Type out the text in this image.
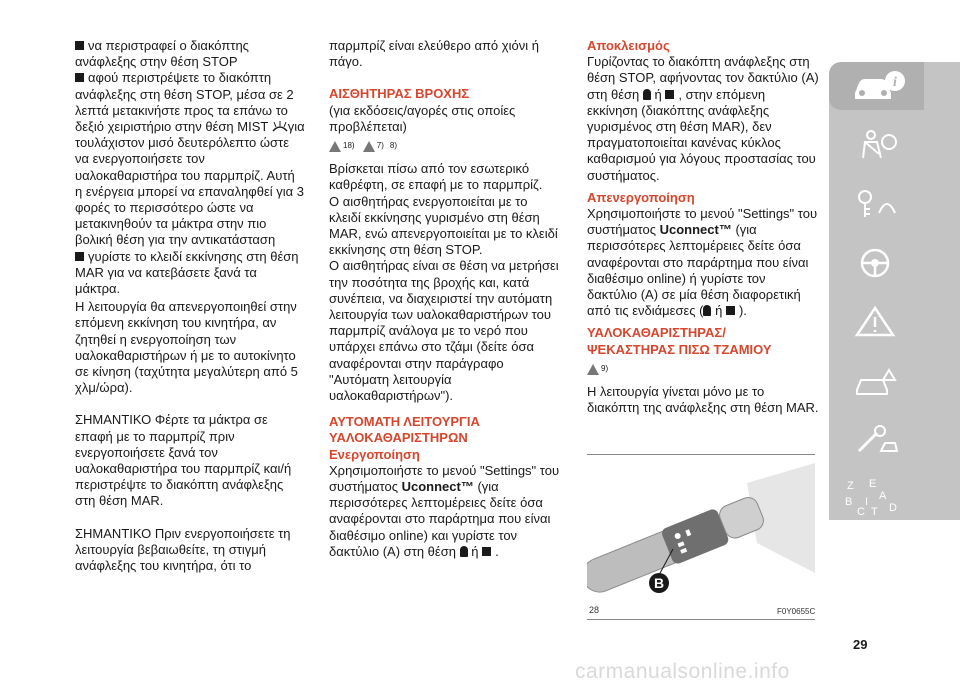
να περιστραφεί ο διακόπτης ανάφλεξης στην θέση STOP

αφού περιστρέψετε το διακόπτη ανάφλεξης στη θέση STOP, μέσα σε 2 λεπτά μετακινήστε προς τα επάνω το δεξιό χειριστήριο στην θέση MIST για τουλάχιστον μισό δευτερόλεπτο ώστε να ενεργοποιήσετε τον υαλοκαθαριστήρα του παρμπρίζ. Αυτή η ενέργεια μπορεί να επαναληφθεί για 3 φορές το περισσότερο ώστε να μετακινηθούν τα μάκτρα στην πιο βολική θέση για την αντικατάσταση

γυρίστε το κλειδί εκκίνησης στη θέση MAR για να κατεβάσετε ξανά τα μάκτρα.

Η λειτουργία θα απενεργοποιηθεί στην επόμενη εκκίνηση του κινητήρα, αν ζητηθεί η ενεργοποίηση των υαλοκαθαριστήρων ή με το αυτοκίνητο σε κίνηση (ταχύτητα μεγαλύτερη από 5 χλμ/ώρα).

ΣΗΜΑΝΤΙΚΟ Φέρτε τα μάκτρα σε επαφή με το παρμπρίζ πριν ενεργοποιήσετε ξανά τον υαλοκαθαριστήρα του παρμπρίζ και/ή περιστρέψτε το διακόπτη ανάφλεξης στη θέση MAR.

ΣΗΜΑΝΤΙΚΟ Πριν ενεργοποιήσετε τη λειτουργία βεβαιωθείτε, τη στιγμή ανάφλεξης του κινητήρα, ότι το

παρμπρίζ είναι ελεύθερο από χιόνι ή πάγο.

ΑΙΣΘΗΤΗΡΑΣ ΒΡΟΧΗΣ

(για εκδόσεις/αγορές στις οποίες προβλέπεται)

18)	7) 8)

Βρίσκεται πίσω από τον εσωτερικό καθρέφτη, σε επαφή με το παρμπρίζ.

Ο αισθητήρας ενεργοποιείται με το κλειδί εκκίνησης γυρισμένο στη θέση MAR, ενώ απενεργοποιείται με το κλειδί εκκίνησης στη θέση STOP.

Ο αισθητήρας είναι σε θέση να μετρήσει την ποσότητα της βροχής και, κατά συνέπεια, να διαχειριστεί την αυτόματη λειτουργία των υαλοκαθαριστήρων του παρμπρίζ ανάλογα με το νερό που υπάρχει επάνω στο τζάμι (δείτε όσα αναφέρονται στην παράγραφο "Αυτόματη λειτουργία υαλοκαθαριστήρων").

ΑΥΤΟΜΑΤΗ ΛΕΙΤΟΥΡΓΙΑ

ΥΑΛΟΚΑΘΑΡΙΣΤΗΡΩΝ

Ενεργοποίηση

Χρησιμοποιήστε το μενού "Settings" του συστήματος Uconnect™ (για περισσότερες λεπτομέρειες δείτε όσα αναφέρονται στο παράρτημα που είναι διαθέσιμο online) και γυρίστε τον δακτύλιο (A) στη θέση ή .

Αποκλεισμός

Γυρίζοντας το διακόπτη ανάφλεξης στη θέση STOP, αφήνοντας τον δακτύλιο (A) στη θέση ή , στην επόμενη εκκίνηση (διακόπτης ανάφλεξης γυρισμένος στη θέση MAR), δεν πραγματοποιείται κανένας κύκλος καθαρισμού για λόγους προστασίας του συστήματος.

Απενεργοποίηση

Χρησιμοποιήστε το μενού "Settings" του συστήματος Uconnect™ (για περισσότερες λεπτομέρειες δείτε όσα αναφέρονται στο παράρτημα που είναι διαθέσιμο online) ή γυρίστε τον δακτύλιο (A) σε μία θέση διαφορετική από τις ενδιάμεσες ( ή ).

ΥΑΛΟΚΑΘΑΡΙΣΤΗΡΑΣ/

ΨΕΚΑΣΤΗΡΑΣ ΠΙΣΩ ΤΖΑΜΙΟΥ

9)

Η λειτουργία γίνεται μόνο με το διακόπτη της ανάφλεξης στη θέση MAR.

B
28	F0Y0655C
i
Z E
A
B
C D
T
I
29
carmanualsonline.info
